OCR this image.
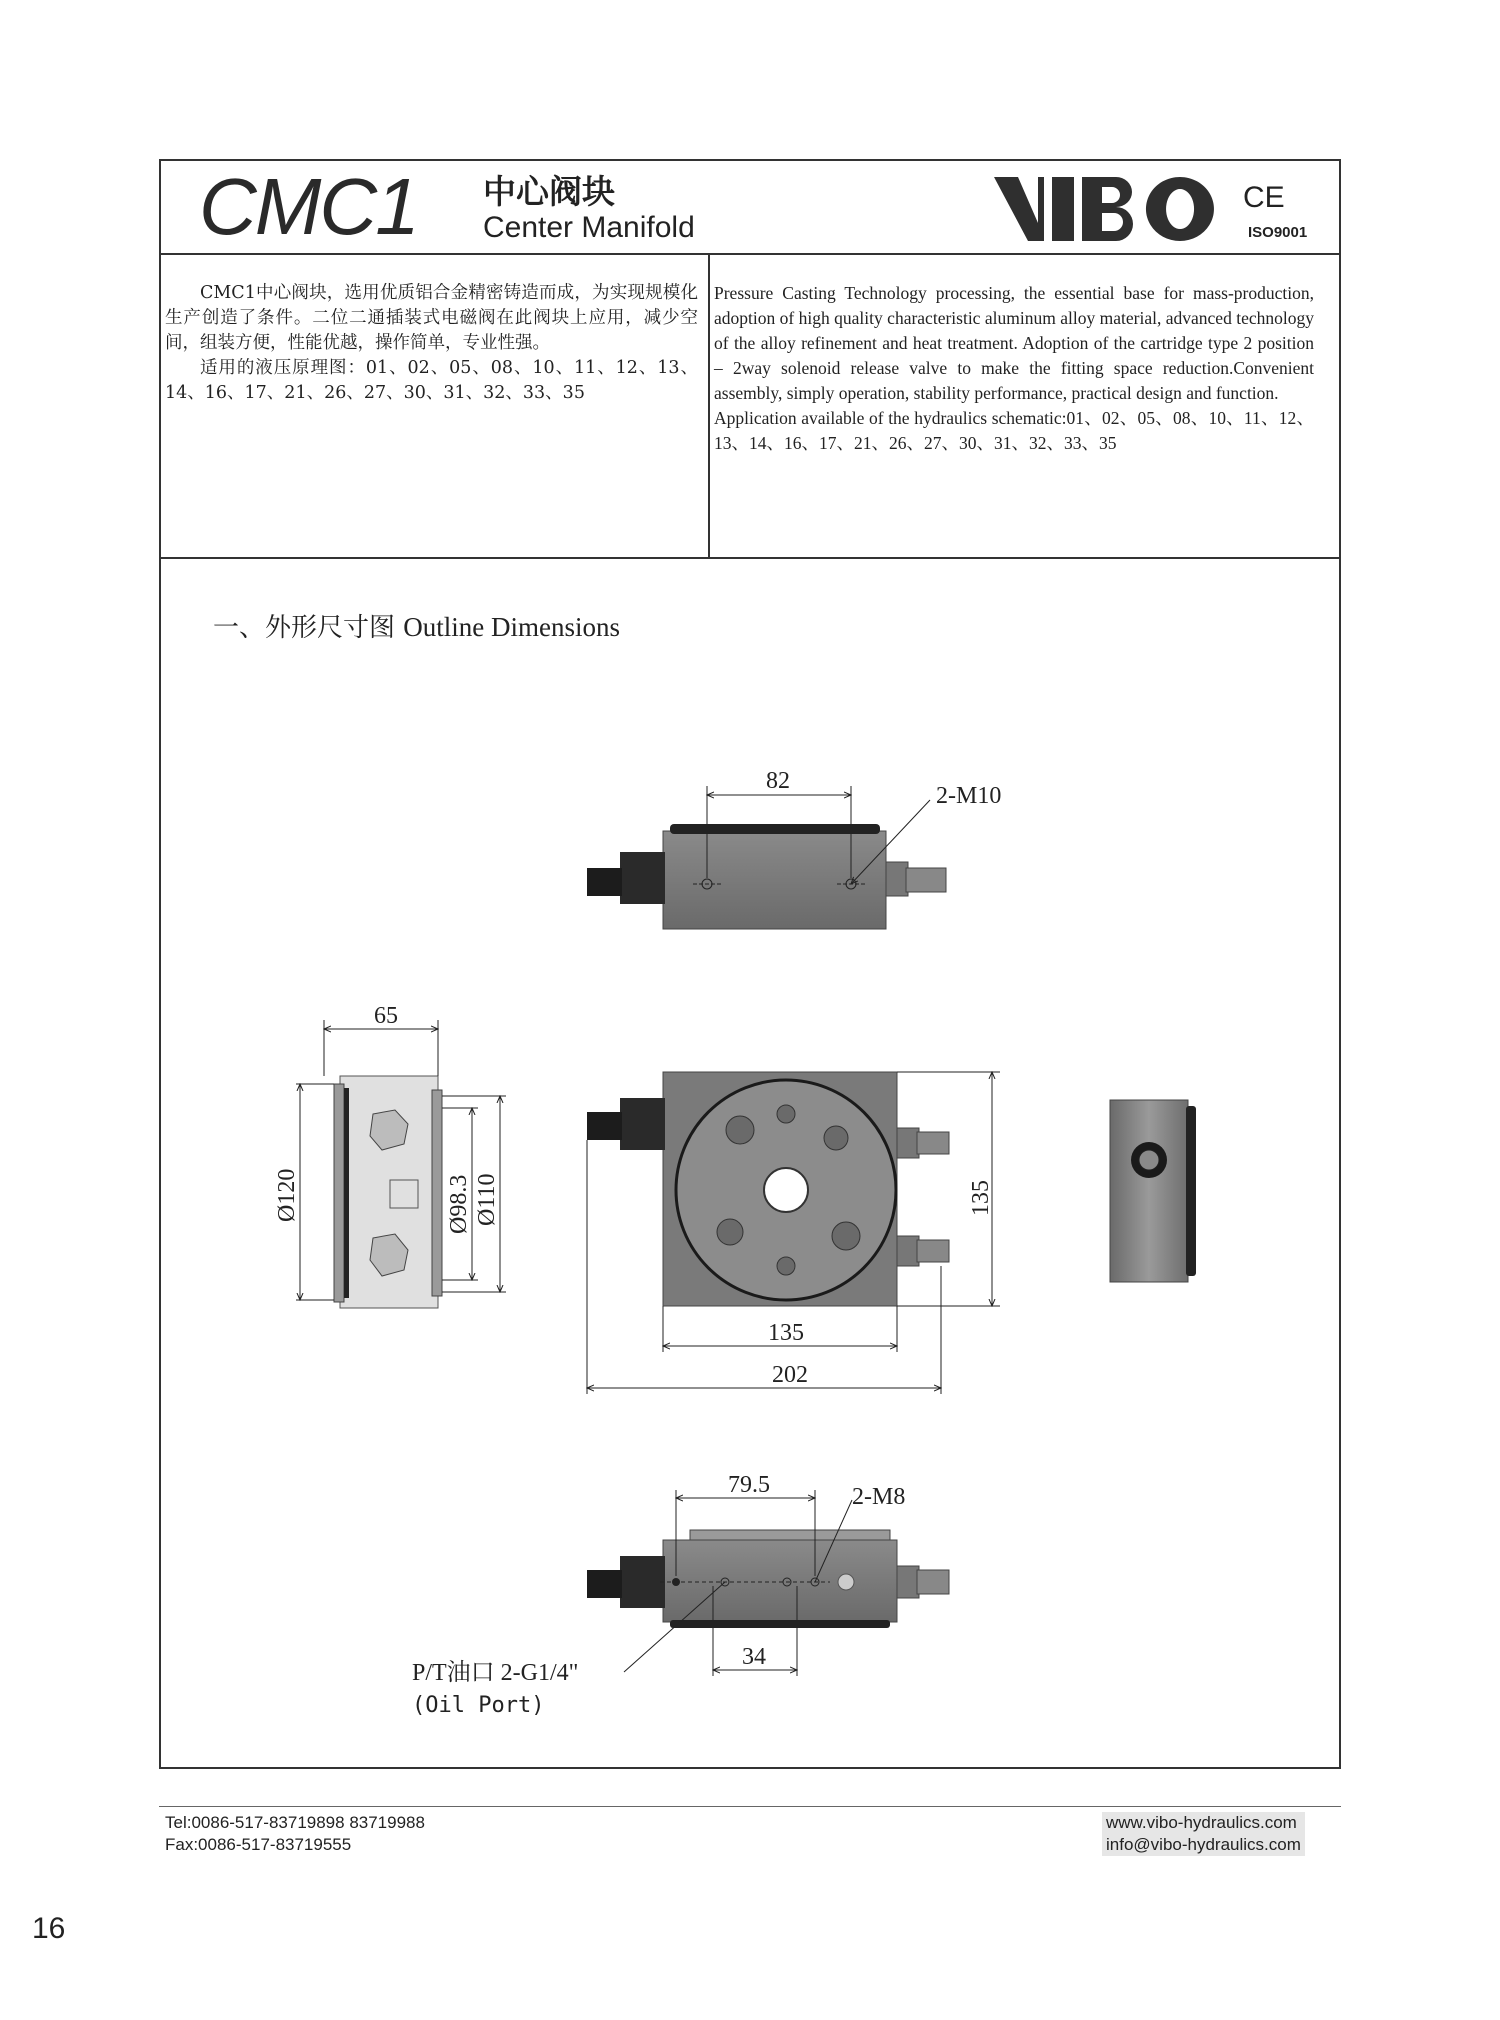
CMC1 中心阀块
Center Manifold
CE
ISO9001

CMC1中心阀块，选用优质铝合金精密铸造而成，为实现规模化生产创造了条件。二位二通插装式电磁阀在此阀块上应用，减少空间，组装方便，性能优越，操作简单，专业性强。

适用的液压原理图：01、02、05、08、10、11、12、13、14、16、17、21、26、27、30、31、32、33、35

Pressure Casting Technology processing, the essential base for mass-production, adoption of high quality characteristic aluminum alloy material, advanced technology of the alloy refinement and heat treatment. Adoption of the cartridge type 2 position – 2way solenoid release valve to make the fitting space reduction.Convenient assembly, simply operation, stability performance, practical design and function.

Application available of the hydraulics schematic:01、02、05、08、10、11、12、13、14、16、17、21、26、27、30、31、32、33、35

一、外形尺寸图 Outline Dimensions
82
2-M10
65
Ø120	Ø98.3 Ø110	135
135
202
79.5	2-M8
34
P/T油口 2-G1/4"
(Oil Port)
Tel:0086-517-83719898 83719988
Fax:0086-517-83719555
www.vibo-hydraulics.com
info@vibo-hydraulics.com
16
